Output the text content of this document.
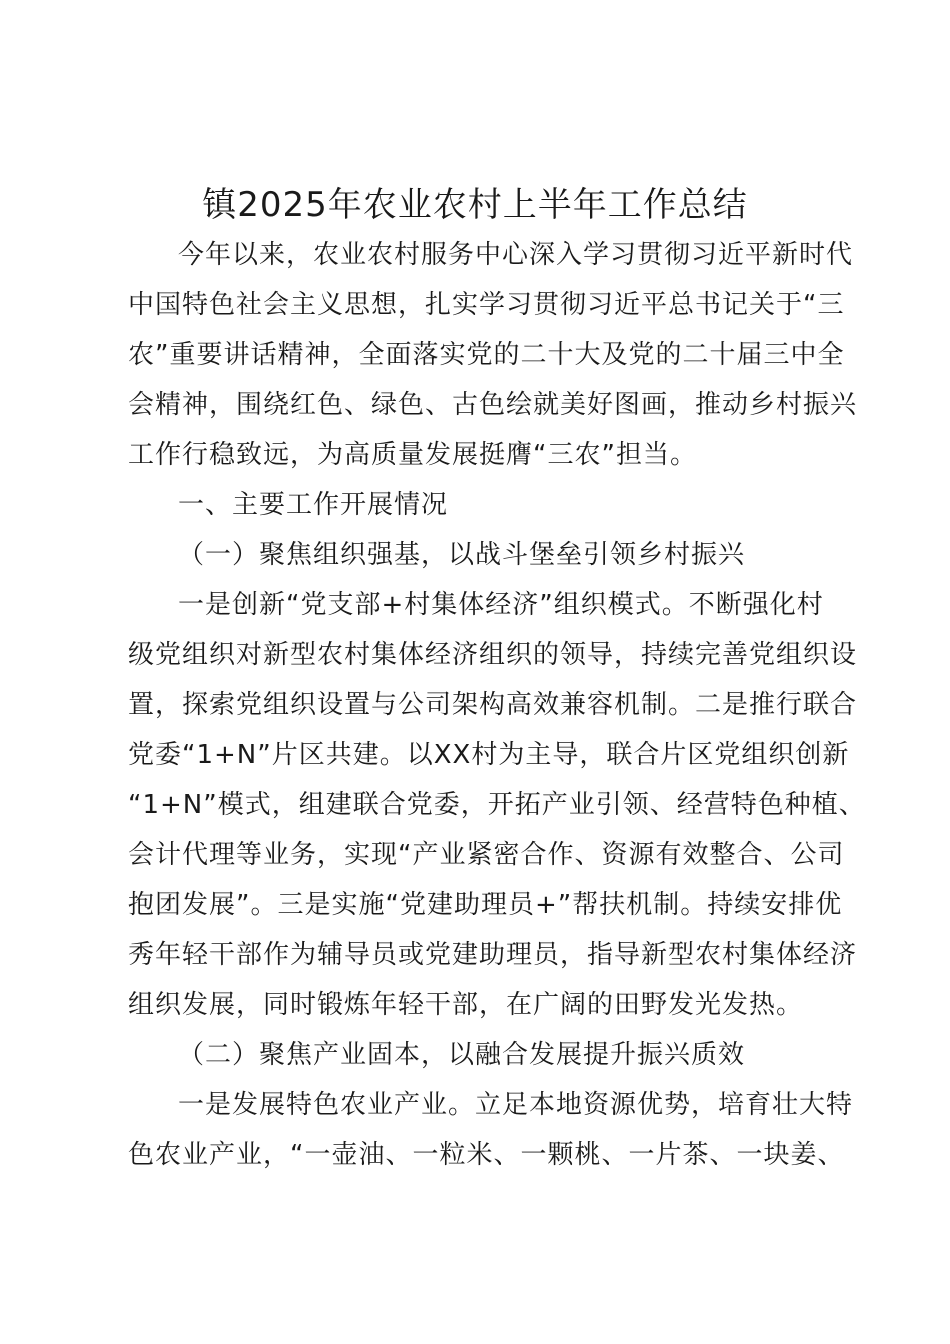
镇2025年农业农村上半年工作总结
今年以来，农业农村服务中心深入学习贯彻习近平新时代
中国特色社会主义思想，扎实学习贯彻习近平总书记关于“三
农”重要讲话精神，全面落实党的二十大及党的二十届三中全
会精神，围绕红色、绿色、古色绘就美好图画，推动乡村振兴
工作行稳致远，为高质量发展挺膺“三农”担当。
一、主要工作开展情况
（一）聚焦组织强基，以战斗堡垒引领乡村振兴
一是创新“党支部+村集体经济”组织模式。不断强化村
级党组织对新型农村集体经济组织的领导，持续完善党组织设
置，探索党组织设置与公司架构高效兼容机制。二是推行联合
党委“1+N”片区共建。以XX村为主导，联合片区党组织创新
“1+N”模式，组建联合党委，开拓产业引领、经营特色种植、
会计代理等业务，实现“产业紧密合作、资源有效整合、公司
抱团发展”。三是实施“党建助理员+”帮扶机制。持续安排优
秀年轻干部作为辅导员或党建助理员，指导新型农村集体经济
组织发展，同时锻炼年轻干部，在广阔的田野发光发热。
（二）聚焦产业固本，以融合发展提升振兴质效
一是发展特色农业产业。立足本地资源优势，培育壮大特
色农业产业，“一壶油、一粒米、一颗桃、一片茶、一块姜、
